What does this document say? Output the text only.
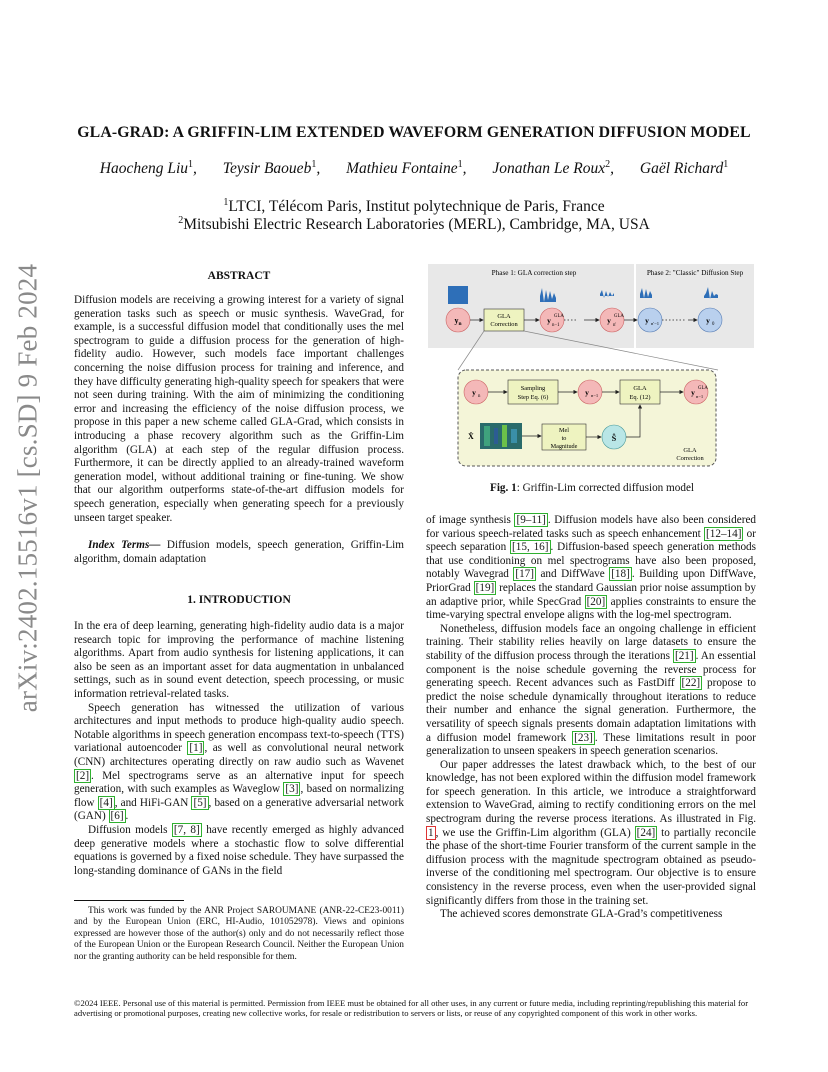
arXiv:2402.15516v1 [cs.SD] 9 Feb 2024
GLA-GRAD: A GRIFFIN-LIM EXTENDED WAVEFORM GENERATION DIFFUSION MODEL
Haocheng Liu$^1$, Teysir Baoueb$^1$, Mathieu Fontaine$^1$, Jonathan Le Roux$^2$, Gaël Richard$^1$
$^1$LTCI, Télécom Paris, Institut polytechnique de Paris, France
$^2$Mitsubishi Electric Research Laboratories (MERL), Cambridge, MA, USA
ABSTRACT

Diffusion models are receiving a growing interest for a variety of signal generation tasks such as speech or music synthesis. WaveGrad, for example, is a successful diffusion model that conditionally uses the mel spectrogram to guide a diffusion process for the generation of high-fidelity audio. However, such models face important challenges concerning the noise diffusion process for training and inference, and they have difficulty generating high-quality speech for speakers that were not seen during training. With the aim of minimizing the conditioning error and increasing the efficiency of the noise diffusion process, we propose in this paper a new scheme called GLA-Grad, which consists in introducing a phase recovery algorithm such as the Griffin-Lim algorithm (GLA) at each step of the regular diffusion process. Furthermore, it can be directly applied to an already-trained waveform generation model, without additional training or fine-tuning. We show that our algorithm outperforms state-of-the-art diffusion models for speech generation, especially when generating speech for a previously unseen target speaker.

Index Terms— Diffusion models, speech generation, Griffin-Lim algorithm, domain adaptation

1. INTRODUCTION

In the era of deep learning, generating high-fidelity audio data is a major research topic for improving the performance of machine listening algorithms. Apart from audio synthesis for listening applications, it can also be seen as an important asset for data augmentation in unbalanced settings, such as in sound event detection, speech processing, or music information retrieval-related tasks.

Speech generation has witnessed the utilization of various architectures and input methods to produce high-quality audio speech. Notable algorithms in speech generation encompass text-to-speech (TTS) variational autoencoder [1] , as well as convolutional neural network (CNN) architectures operating directly on raw audio such as Wavenet [2] . Mel spectrograms serve as an alternative input for speech generation, with such examples as Waveglow [3] , based on normalizing flow [4] , and HiFi-GAN [5] , based on a generative adversarial network (GAN) [6] .

Diffusion models [7, 8] have recently emerged as highly advanced deep generative models where a stochastic flow to solve differential equations is governed by a fixed noise schedule. They have surpassed the long-standing dominance of GANs in the field

This work was funded by the ANR Project SAROUMANE (ANR-22-CE23-0011) and by the European Union (ERC, HI-Audio, 101052978). Views and opinions expressed are however those of the author(s) only and do not necessarily reflect those of the European Union or the European Research Council. Neither the European Union nor the granting authority can be held responsible for them.

Phase 1: GLA correction step	Phase 2: "Classic" Diffusion Step
$y_n$
GLA
Correction	y GLA
n−1
y GLA
n'
y n'−1	y 0
y n
Sampling
Step Eq. (6)
y n−1
GLA
Eq. (12)
y GLA
n−1
X̂
Mel
to
Magnitude
Ŝ
GLA
Correction
Fig. 1: Griffin-Lim corrected diffusion model

of image synthesis [9–11] . Diffusion models have also been considered for various speech-related tasks such as speech enhancement [12–14] or speech separation [15, 16] . Diffusion-based speech generation methods that use conditioning on mel spectrograms have also been proposed, notably Wavegrad [17] and DiffWave [18] . Building upon DiffWave, PriorGrad [19] replaces the standard Gaussian prior noise assumption by an adaptive prior, while SpecGrad [20] applies constraints to ensure the time-varying spectral envelope aligns with the log-mel spectrogram.

Nonetheless, diffusion models face an ongoing challenge in efficient training. Their stability relies heavily on large datasets to ensure the stability of the diffusion process through the iterations [21] . An essential component is the noise schedule governing the reverse process for generating speech. Recent advances such as FastDiff [22] propose to predict the noise schedule dynamically throughout iterations to reduce their number and enhance the signal generation. Furthermore, the versatility of speech signals presents domain adaptation limitations with a diffusion model framework [23] . These limitations result in poor generalization to unseen speakers in speech generation scenarios.

Our paper addresses the latest drawback which, to the best of our knowledge, has not been explored within the diffusion model framework for speech generation. In this article, we introduce a straightforward extension to WaveGrad, aiming to rectify conditioning errors on the mel spectrogram during the reverse process iterations. As illustrated in Fig. 1 , we use the Griffin-Lim algorithm (GLA) [24] to partially reconcile the phase of the short-time Fourier transform of the current sample in the diffusion process with the magnitude spectrogram obtained as pseudo-inverse of the conditioning mel spectrogram. Our objective is to ensure consistency in the reverse process, even when the user-provided signal significantly differs from those in the training set.

The achieved scores demonstrate GLA-Grad’s competitiveness

©2024 IEEE. Personal use of this material is permitted. Permission from IEEE must be obtained for all other uses, in any current or future media, including reprinting/republishing this material for advertising or promotional purposes, creating new collective works, for resale or redistribution to servers or lists, or reuse of any copyrighted component of this work in other works.
